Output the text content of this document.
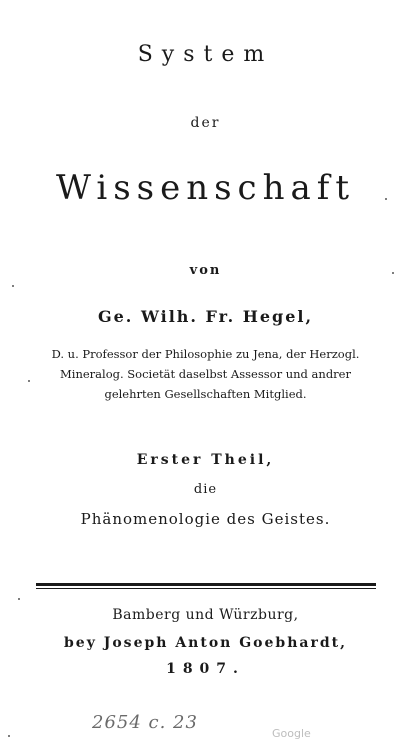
System
der
Wissenschaft
von
Ge. Wilh. Fr. Hegel,
D. u. Professor der Philosophie zu Jena, der Herzogl.
Mineralog. Societät daselbst Assessor und andrer
gelehrten Gesellschaften Mitglied.
Erster Theil,
die
Phänomenologie des Geistes.
Bamberg und Würzburg,
bey Joseph Anton Goebhardt,
1807.
2654 c. 23
Google
